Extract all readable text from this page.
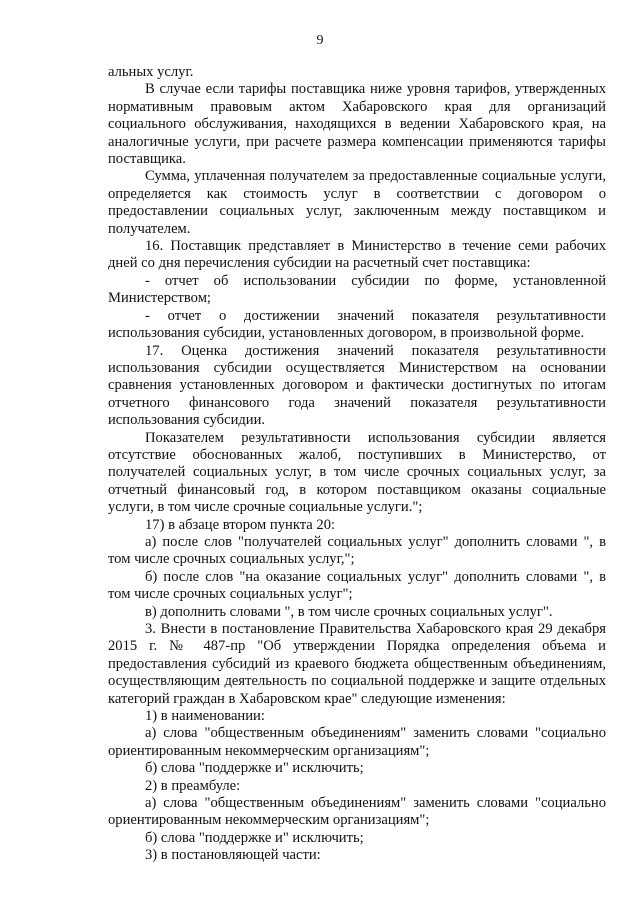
9

альных услуг.

В случае если тарифы поставщика ниже уровня тарифов, утвержденных нормативным правовым актом Хабаровского края для организаций социального обслуживания, находящихся в ведении Хабаровского края, на аналогичные услуги, при расчете размера компенсации применяются тарифы поставщика.

Сумма, уплаченная получателем за предоставленные социальные услуги, определяется как стоимость услуг в соответствии с договором о предоставлении социальных услуг, заключенным между поставщиком и получателем.

16. Поставщик представляет в Министерство в течение семи рабочих дней со дня перечисления субсидии на расчетный счет поставщика:

- отчет об использовании субсидии по форме, установленной Министерством;

- отчет о достижении значений показателя результативности использования субсидии, установленных договором, в произвольной форме.

17. Оценка достижения значений показателя результативности использования субсидии осуществляется Министерством на основании сравнения установленных договором и фактически достигнутых по итогам отчетного финансового года значений показателя результативности использования субсидии.

Показателем результативности использования субсидии является отсутствие обоснованных жалоб, поступивших в Министерство, от получателей социальных услуг, в том числе срочных социальных услуг, за отчетный финансовый год, в котором поставщиком оказаны социальные услуги, в том числе срочные социальные услуги.";

17) в абзаце втором пункта 20:

а) после слов "получателей социальных услуг" дополнить словами ", в том числе срочных социальных услуг,";

б) после слов "на оказание социальных услуг" дополнить словами ", в том числе срочных социальных услуг";

в) дополнить словами ", в том числе срочных социальных услуг".

3. Внести в постановление Правительства Хабаровского края 29 декабря 2015 г. № 487-пр "Об утверждении Порядка определения объема и предоставления субсидий из краевого бюджета общественным объединениям, осуществляющим деятельность по социальной поддержке и защите отдельных категорий граждан в Хабаровском крае" следующие изменения:

1) в наименовании:

а) слова "общественным объединениям" заменить словами "социально ориентированным некоммерческим организациям";

б) слова "поддержке и" исключить;

2) в преамбуле:

а) слова "общественным объединениям" заменить словами "социально ориентированным некоммерческим организациям";

б) слова "поддержке и" исключить;

3) в постановляющей части:
